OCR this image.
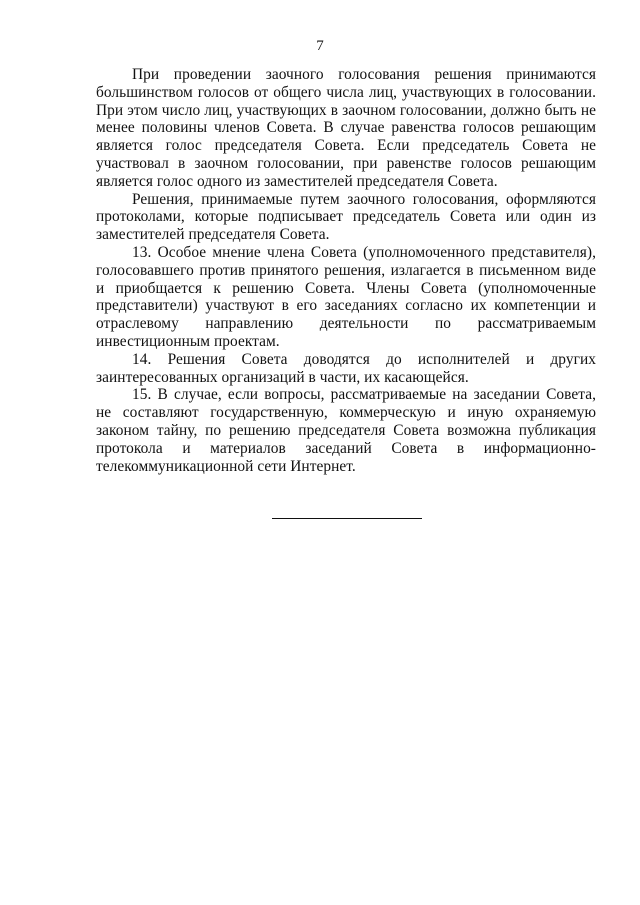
7

При проведении заочного голосования решения принимаются большинством голосов от общего числа лиц, участвующих в голосовании. При этом число лиц, участвующих в заочном голосовании, должно быть не менее половины членов Совета. В случае равенства голосов решающим является голос председателя Совета. Если председатель Совета не участвовал в заочном голосовании, при равенстве голосов решающим является голос одного из заместителей председателя Совета.

Решения, принимаемые путем заочного голосования, оформляются протоколами, которые подписывает председатель Совета или один из заместителей председателя Совета.

13. Особое мнение члена Совета (уполномоченного представителя), голосовавшего против принятого решения, излагается в письменном виде и приобщается к решению Совета. Члены Совета (уполномоченные представители) участвуют в его заседаниях согласно их компетенции и отраслевому направлению деятельности по рассматриваемым инвестиционным проектам.

14. Решения Совета доводятся до исполнителей и других заинтересованных организаций в части, их касающейся.

15. В случае, если вопросы, рассматриваемые на заседании Совета, не составляют государственную, коммерческую и иную охраняемую законом тайну, по решению председателя Совета возможна публикация протокола и материалов заседаний Совета в информационно-телекоммуникационной сети Интернет.
